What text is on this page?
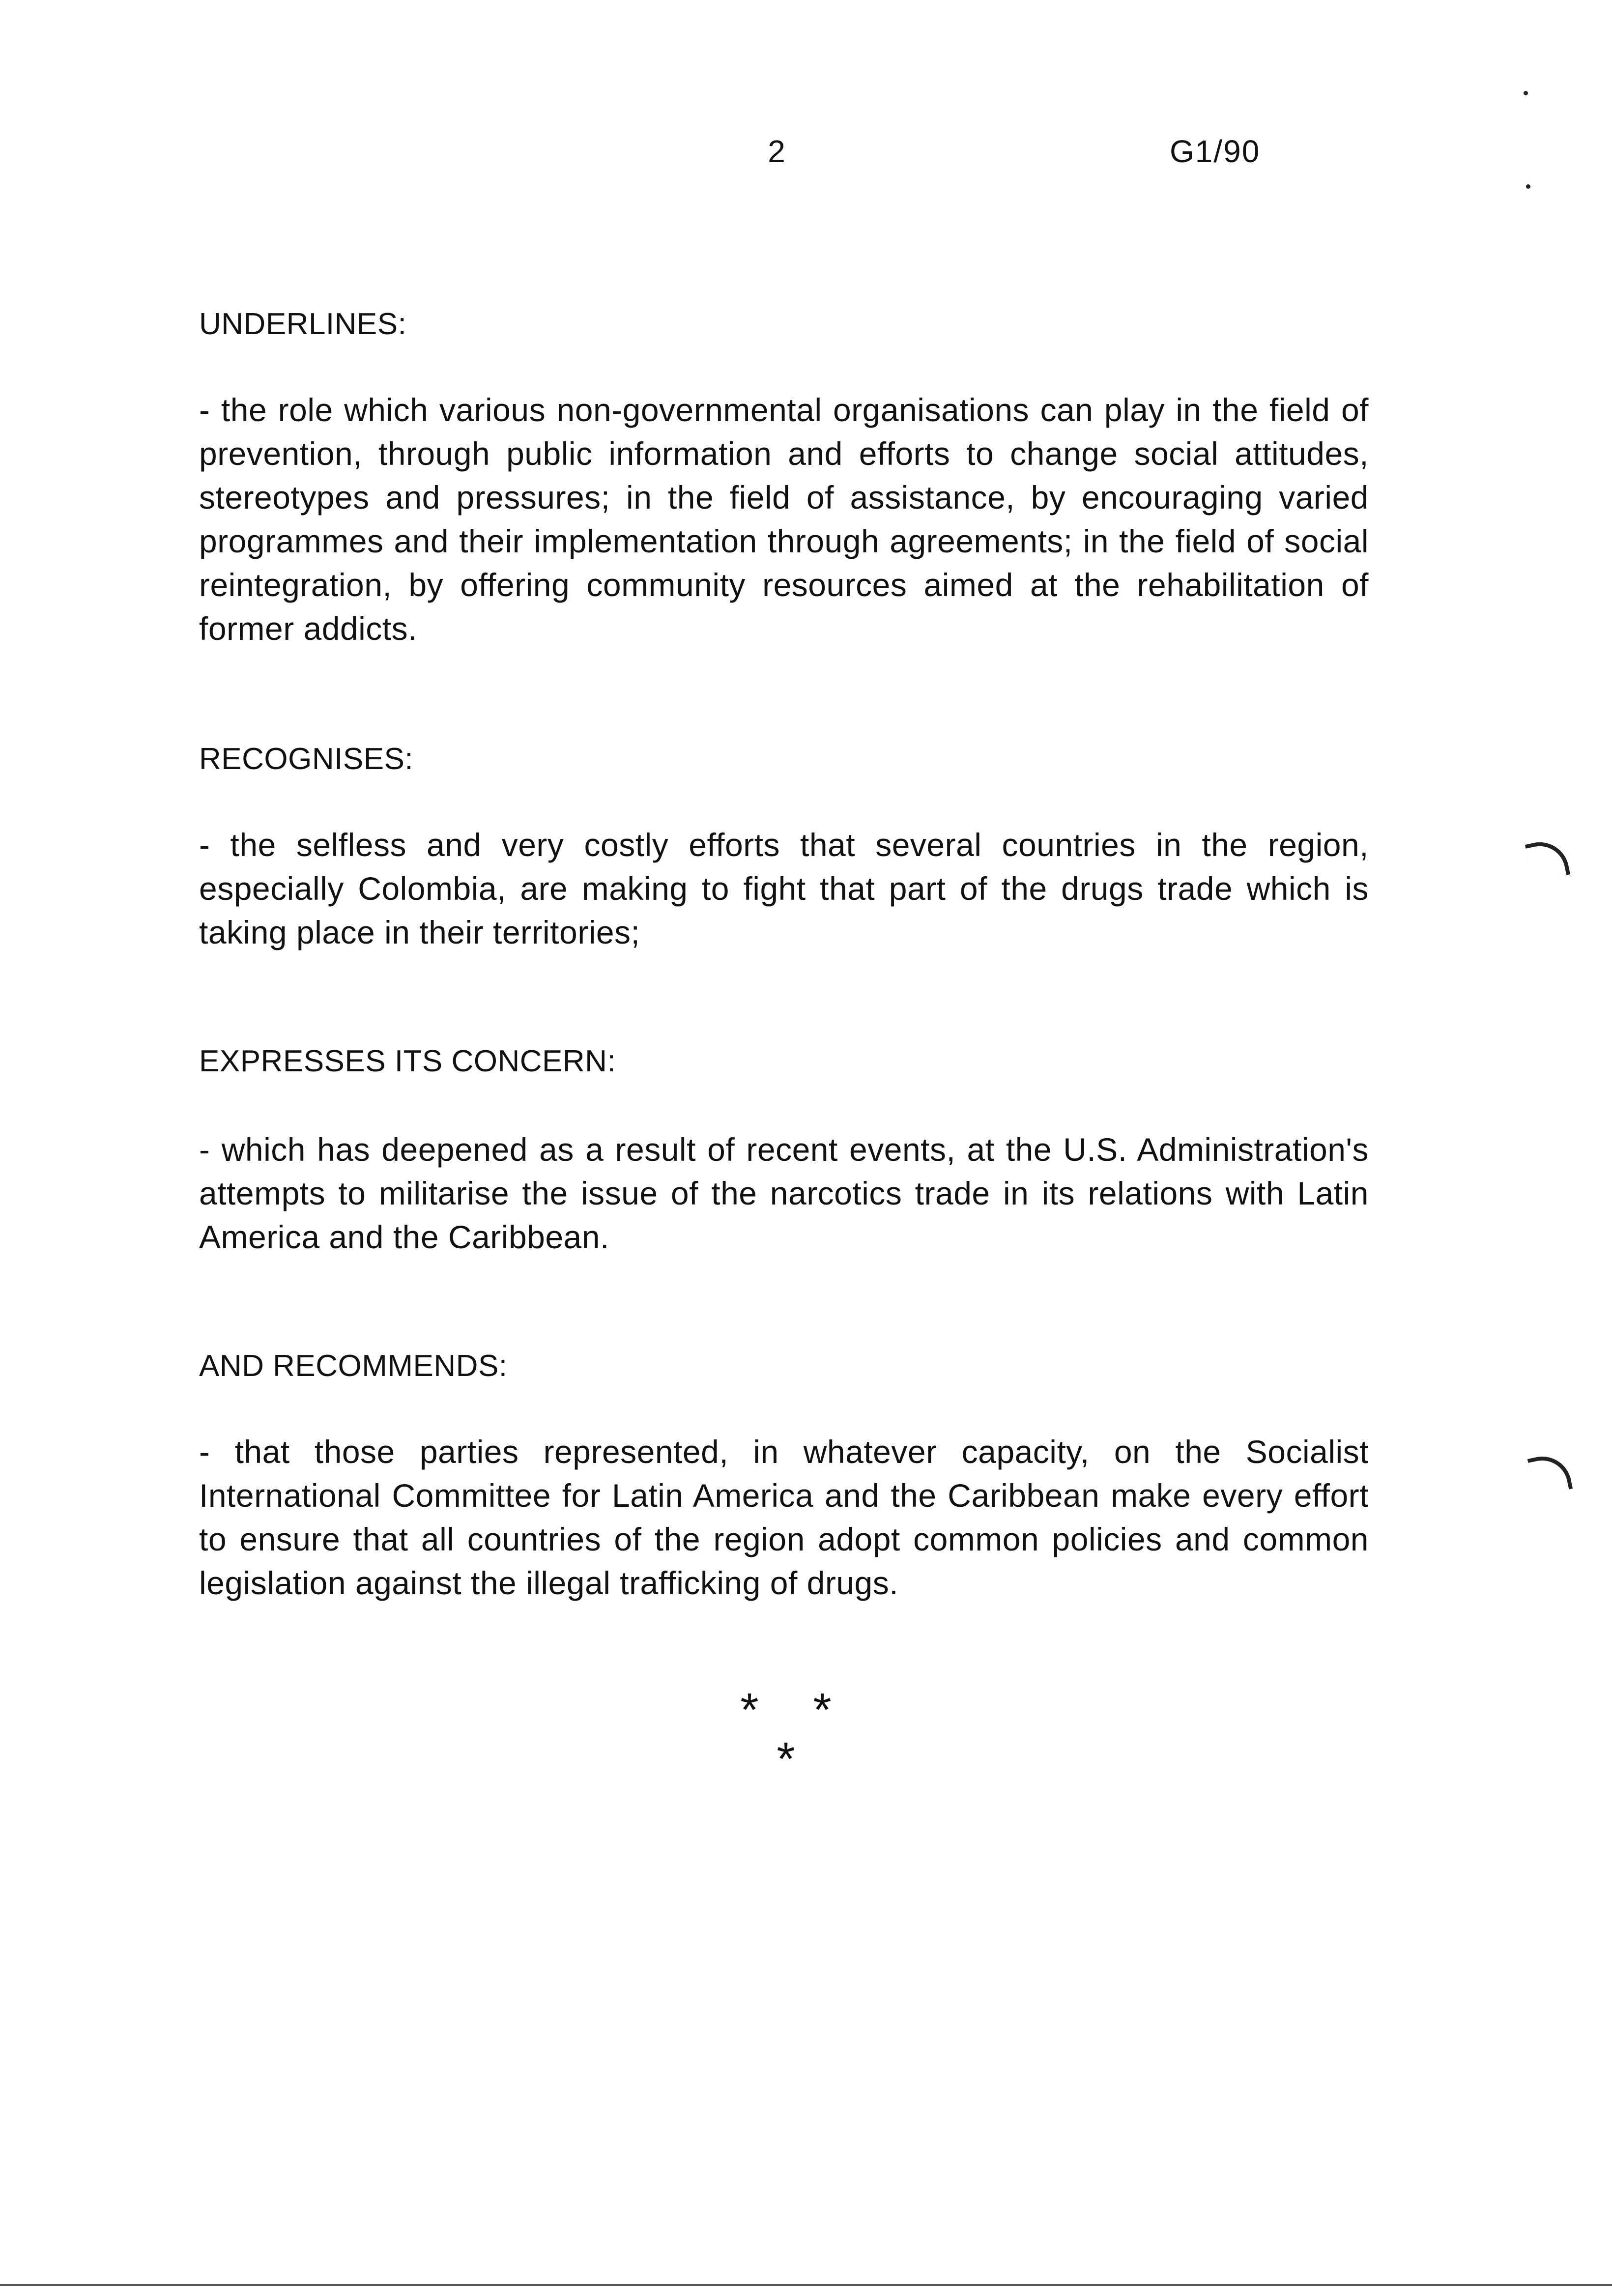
2	G1/90
UNDERLINES:
- the role which various non-governmental organisations can play in the field of prevention, through public information and efforts to change social attitudes, stereotypes and pressures; in the field of assistance, by encouraging varied programmes and their implementation through agreements; in the field of social reintegration, by offering community resources aimed at the rehabilitation of former addicts.
RECOGNISES:
- the selfless and very costly efforts that several countries in the region, especially Colombia, are making to fight that part of the drugs trade which is taking place in their territories;
EXPRESSES ITS CONCERN:
- which has deepened as a result of recent events, at the U.S. Administration's attempts to militarise the issue of the narcotics trade in its relations with Latin America and the Caribbean.
AND RECOMMENDS:
- that those parties represented, in whatever capacity, on the Socialist International Committee for Latin America and the Caribbean make every effort to ensure that all countries of the region adopt common policies and common legislation against the illegal trafficking of drugs.
* * *
